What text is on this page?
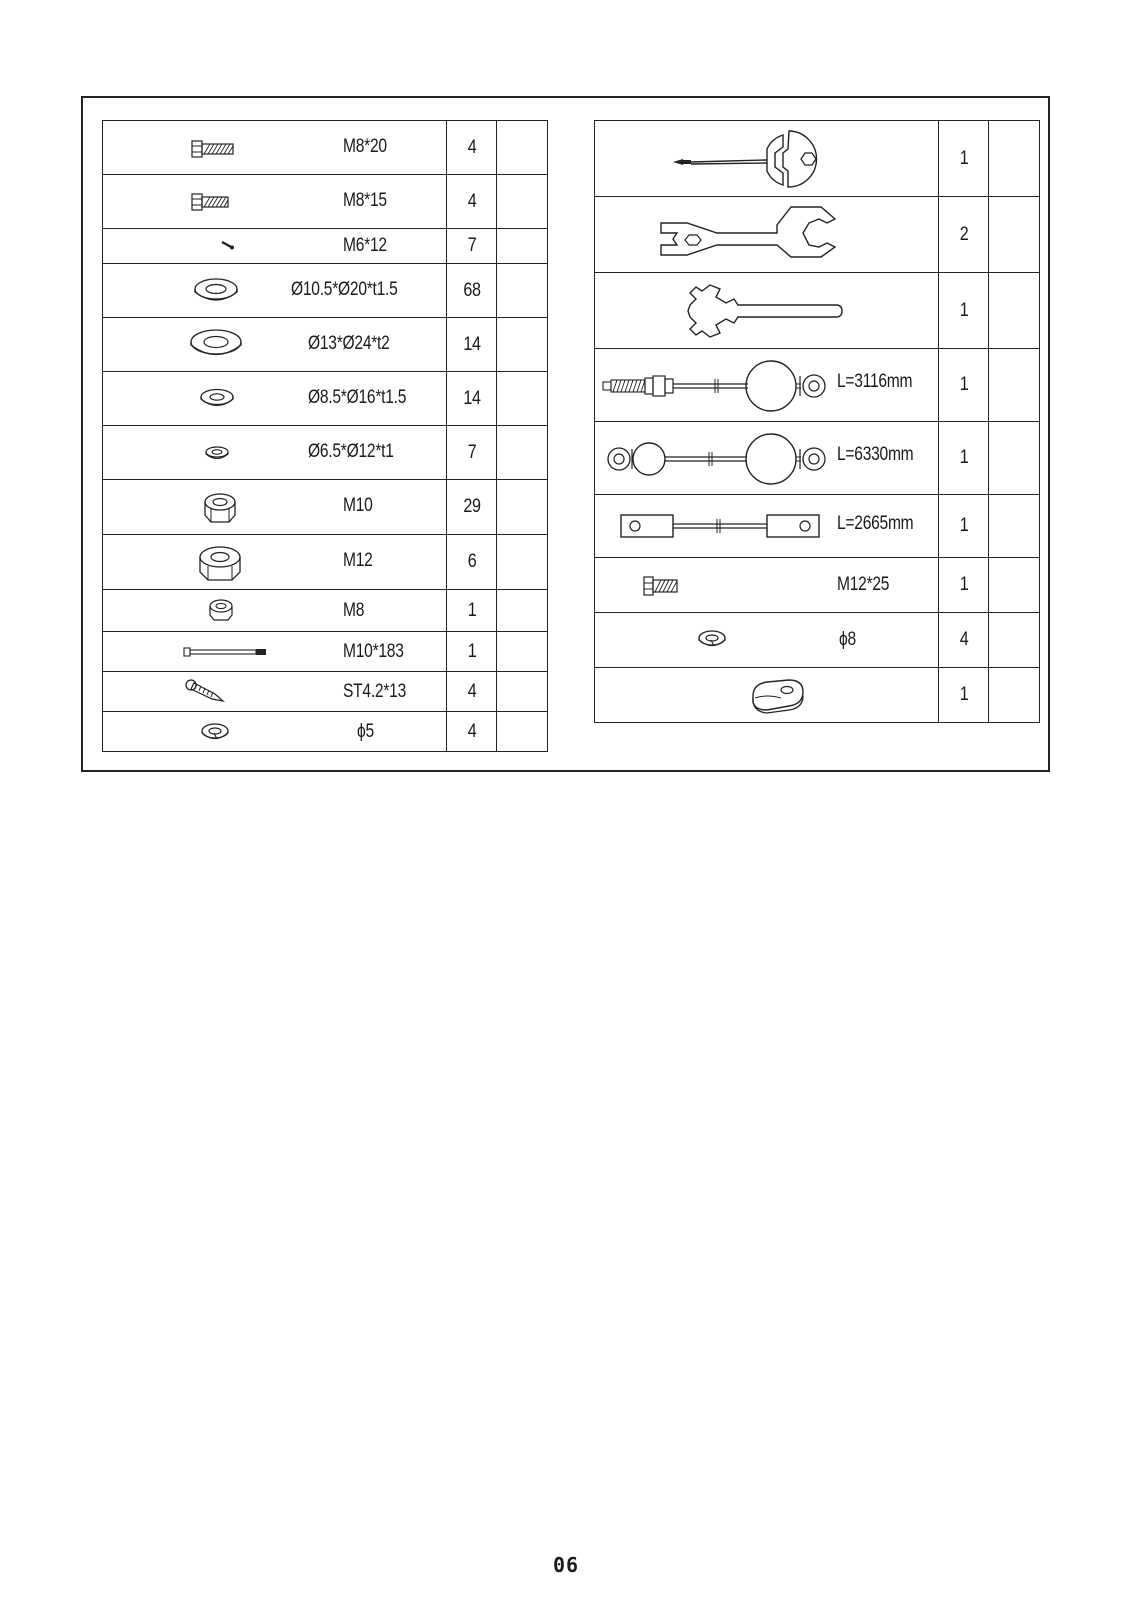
M8*20	4	

M8*15	4	

M6*12	7	

Ø10.5*Ø20*t1.5	68	

Ø13*Ø24*t2	14	

Ø8.5*Ø16*t1.5	14	

Ø6.5*Ø12*t1	7	

M10	29	

M12	6	

M8	1	

M10*183	1	

ST4.2*13	4	

ϕ5	4	
	1	

	2	

	1	

L=3116mm	1	

L=6330mm	1	

L=2665mm	1	

M12*25	1	

ϕ8	4	

	1	
06
